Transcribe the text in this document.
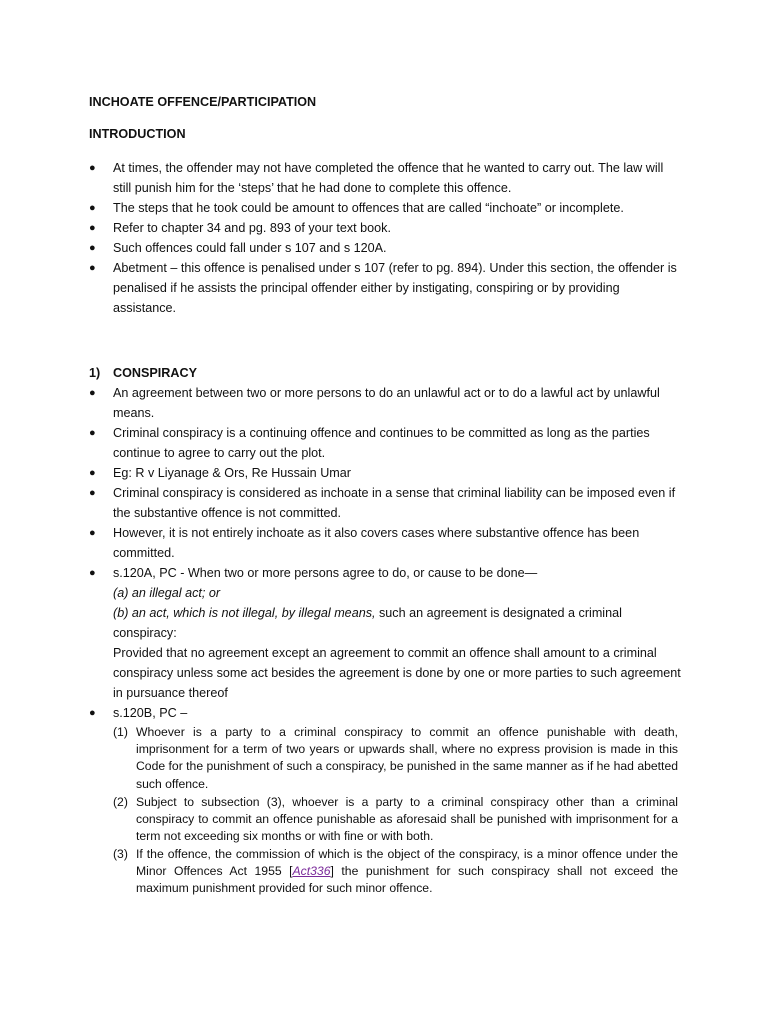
INCHOATE OFFENCE/PARTICIPATION
INTRODUCTION
● At times, the offender may not have completed the offence that he wanted to carry out. The law will still punish him for the ‘steps’ that he had done to complete this offence.

● The steps that he took could be amount to offences that are called “inchoate” or incomplete.

● Refer to chapter 34 and pg. 893 of your text book.

● Such offences could fall under s 107 and s 120A.

● Abetment – this offence is penalised under s 107 (refer to pg. 894). Under this section, the offender is penalised if he assists the principal offender either by instigating, conspiring or by providing assistance.

1) CONSPIRACY
● An agreement between two or more persons to do an unlawful act or to do a lawful act by unlawful means.

● Criminal conspiracy is a continuing offence and continues to be committed as long as the parties continue to agree to carry out the plot.

● Eg: R v Liyanage & Ors, Re Hussain Umar

● Criminal conspiracy is considered as inchoate in a sense that criminal liability can be imposed even if the substantive offence is not committed.

● However, it is not entirely inchoate as it also covers cases where substantive offence has been committed.

● s.120A, PC - When two or more persons agree to do, or cause to be done—

(a) an illegal act; or

(b) an act, which is not illegal, by illegal means, such an agreement is designated a criminal conspiracy:

Provided that no agreement except an agreement to commit an offence shall amount to a criminal conspiracy unless some act besides the agreement is done by one or more parties to such agreement in pursuance thereof

● s.120B, PC –

(1) Whoever is a party to a criminal conspiracy to commit an offence punishable with death, imprisonment for a term of two years or upwards shall, where no express provision is made in this Code for the punishment of such a conspiracy, be punished in the same manner as if he had abetted such offence.
(2) Subject to subsection (3), whoever is a party to a criminal conspiracy other than a criminal conspiracy to commit an offence punishable as aforesaid shall be punished with imprisonment for a term not exceeding six months or with fine or with both.
(3) If the offence, the commission of which is the object of the conspiracy, is a minor offence under the Minor Offences Act 1955 [Act336] the punishment for such conspiracy shall not exceed the maximum punishment provided for such minor offence.
